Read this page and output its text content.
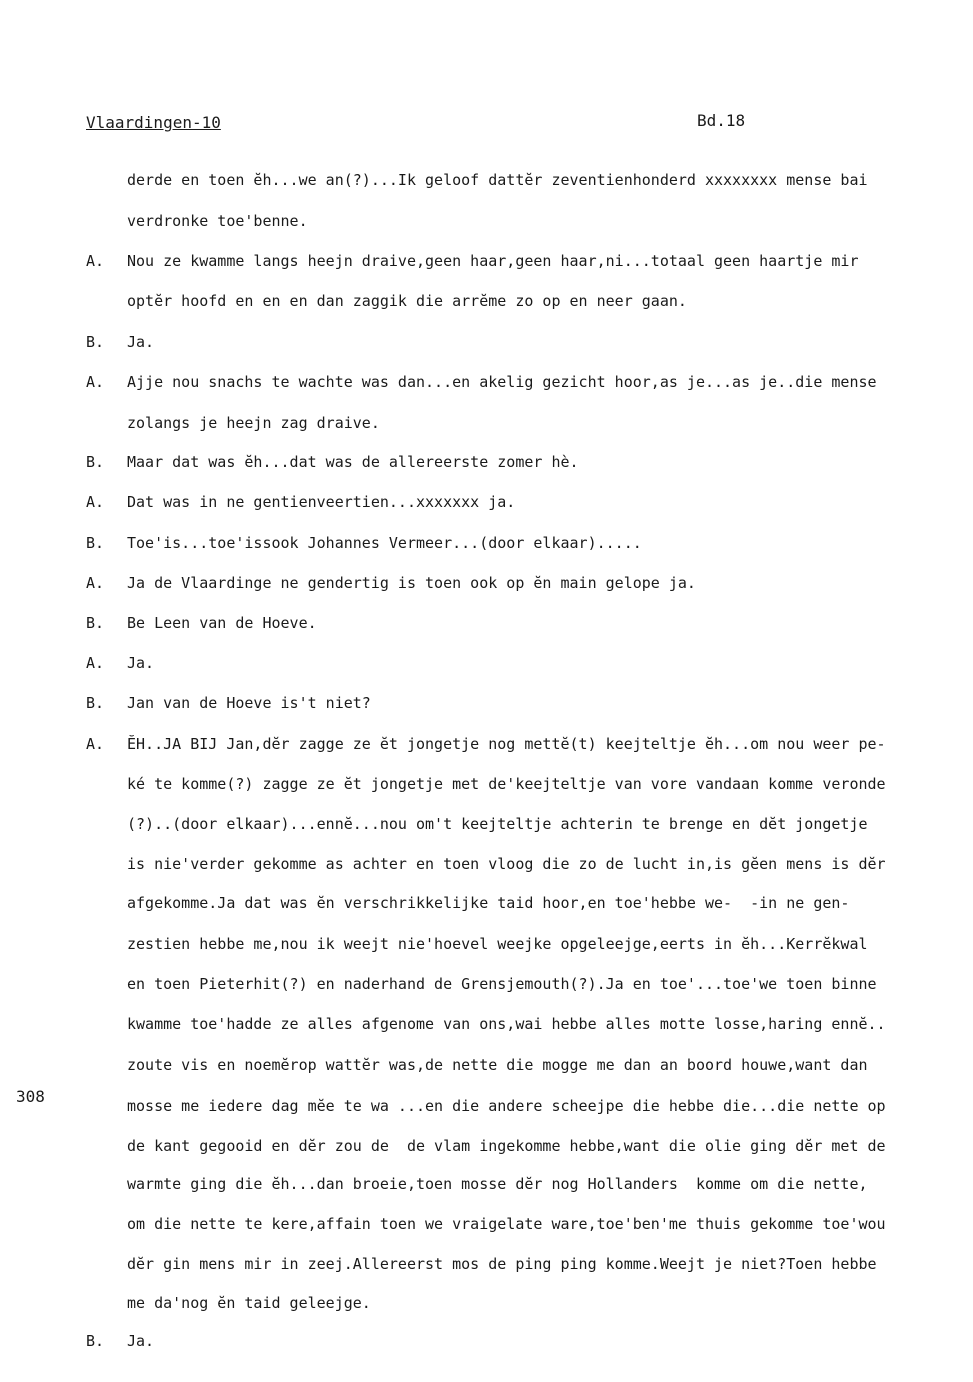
Vlaardingen-10	Bd.18
308
derde en toen ĕh...we an(?)...Ik geloof dattĕr zeventienhonderd xxxxxxxx mense bai
verdronke toe'benne.
A.	Nou ze kwamme langs heejn draive,geen haar,geen haar,ni...totaal geen haartje mir
optĕr hoofd en en en dan zaggik die arrĕme zo op en neer gaan.
B.	Ja.
A.	Ajje nou snachs te wachte was dan...en akelig gezicht hoor,as je...as je..die mense
zolangs je heejn zag draive.
B.	Maar dat was ĕh...dat was de allereerste zomer hè.
A.	Dat was in ne gentienveertien...xxxxxxx ja.
B.	Toe'is...toe'issook Johannes Vermeer...(door elkaar).....
A.	Ja de Vlaardinge ne gendertig is toen ook op ĕn main gelope ja.
B.	Be Leen van de Hoeve.
A.	Ja.
B.	Jan van de Hoeve is't niet?
A.	ĔH..JA BIJ Jan,dĕr zagge ze ĕt jongetje nog mettĕ(t) keejteltje ĕh...om nou weer pe-
ké te komme(?) zagge ze ĕt jongetje met de'keejteltje van vore vandaan komme veronde
(?)..(door elkaar)...ennĕ...nou om't keejteltje achterin te brenge en dĕt jongetje
is nie'verder gekomme as achter en toen vloog die zo de lucht in,is gĕen mens is dĕr
afgekomme.Ja dat was ĕn verschrikkelijke taid hoor,en toe'hebbe we-  -in ne gen-
zestien hebbe me,nou ik weejt nie'hoevel weejke opgeleejge,eerts in ĕh...Kerrĕkwal
en toen Pieterhit(?) en naderhand de Grensjemouth(?).Ja en toe'...toe'we toen binne
kwamme toe'hadde ze alles afgenome van ons,wai hebbe alles motte losse,haring ennĕ..
zoute vis en noemĕrop wattĕr was,de nette die mogge me dan an boord houwe,want dan
mosse me iedere dag mĕe te wa ...en die andere scheejpe die hebbe die...die nette op
de kant gegooid en dĕr zou de  de vlam ingekomme hebbe,want die olie ging dĕr met de
warmte ging die ĕh...dan broeie,toen mosse dĕr nog Hollanders  komme om die nette,
om die nette te kere,affain toen we vraigelate ware,toe'ben'me thuis gekomme toe'wou
dĕr gin mens mir in zeej.Allereerst mos de ping ping komme.Weejt je niet?Toen hebbe
me da'nog ĕn taid geleejge.
B.	Ja.
